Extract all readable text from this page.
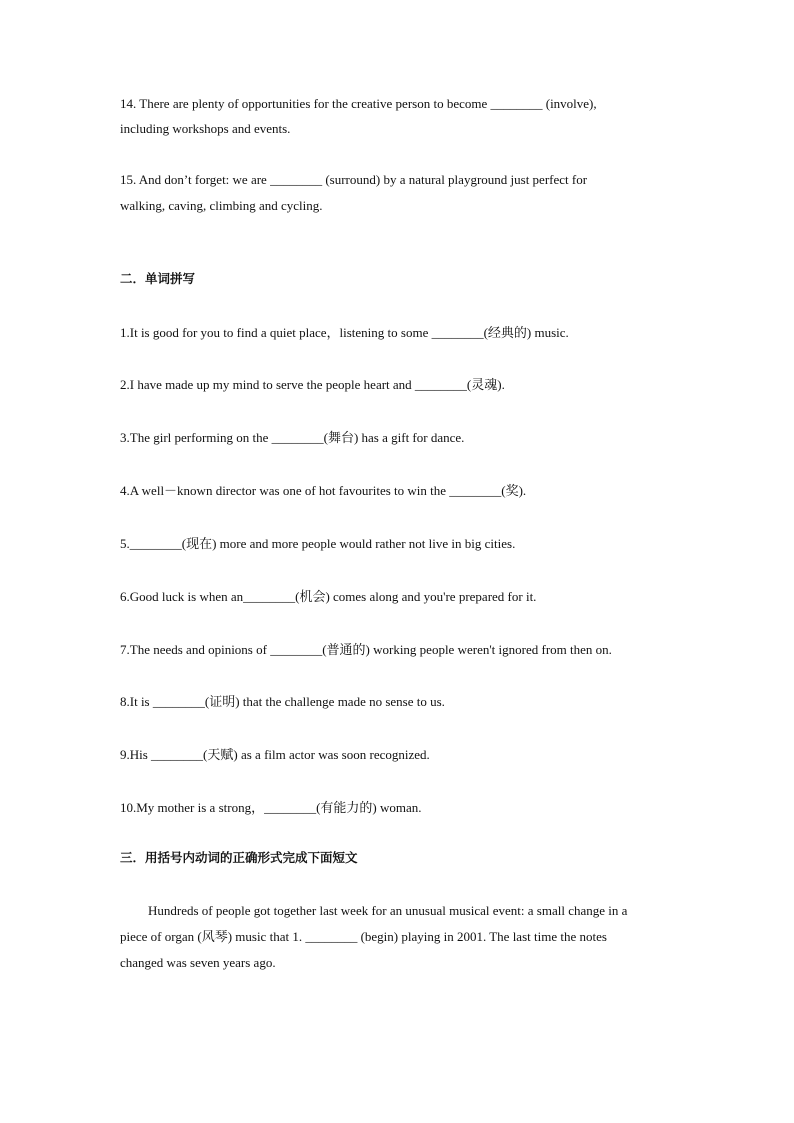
14. There are plenty of opportunities for the creative person to become ________ (involve),
including workshops and events.
15. And don’t forget: we are ________ (surround) by a natural playground just perfect for
walking, caving, climbing and cycling.
二．单词拼写
1.It is good for you to find a quiet place，listening to some ________(经典的) music.
2.I have made up my mind to serve the people heart and ________(灵魂).
3.The girl performing on the ________(舞台) has a gift for dance.
4.A well－known director was one of hot favourites to win the ________(奖).
5.________(现在) more and more people would rather not live in big cities.
6.Good luck is when an________(机会) comes along and you're prepared for it.
7.The needs and opinions of ________(普通的) working people weren't ignored from then on.
8.It is ________(证明) that the challenge made no sense to us.
9.His ________(天赋) as a film actor was soon recognized.
10.My mother is a strong，________(有能力的) woman.
三．用括号内动词的正确形式完成下面短文
Hundreds of people got together last week for an unusual musical event: a small change in a
piece of organ (风琴) music that 1. ________ (begin) playing in 2001. The last time the notes
changed was seven years ago.
